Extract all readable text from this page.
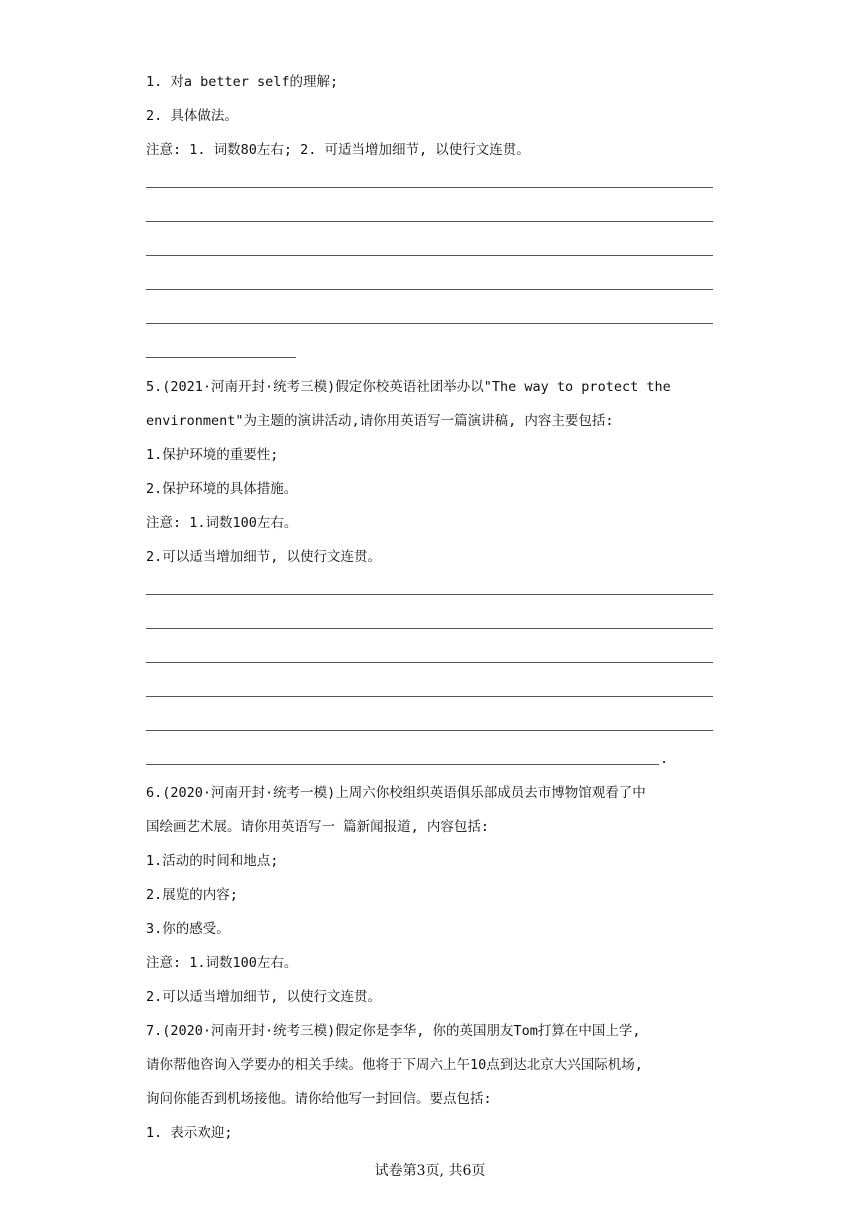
1. 对a better self的理解;
2. 具体做法。
注意: 1. 词数80左右; 2. 可适当增加细节, 以使行文连贯。
5.(2021·河南开封·统考三模)假定你校英语社团举办以"The way to protect the
environment"为主题的演讲活动,请你用英语写一篇演讲稿, 内容主要包括:
1.保护环境的重要性;
2.保护环境的具体措施。
注意: 1.词数100左右。
2.可以适当增加细节, 以使行文连贯。
.
6.(2020·河南开封·统考一模)上周六你校组织英语俱乐部成员去市博物馆观看了中
国绘画艺术展。请你用英语写一 篇新闻报道, 内容包括:
1.活动的时间和地点;
2.展览的内容;
3.你的感受。
注意: 1.词数100左右。
2.可以适当增加细节, 以使行文连贯。
7.(2020·河南开封·统考三模)假定你是李华, 你的英国朋友Tom打算在中国上学,
请你帮他咨询入学要办的相关手续。他将于下周六上午10点到达北京大兴国际机场,
询问你能否到机场接他。请你给他写一封回信。要点包括:
1. 表示欢迎;
试卷第3页, 共6页
